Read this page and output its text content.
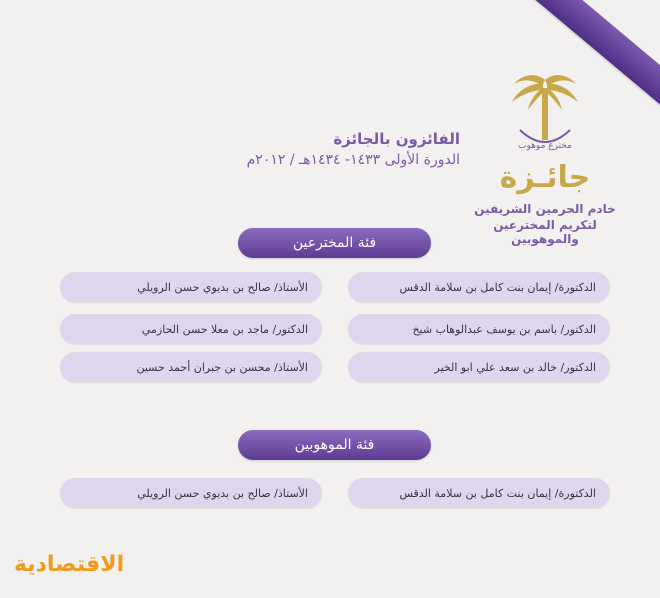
مخترع موهوب
جائـزة
خادم الحرمين الشريفين
لتكريم المخترعين والموهوبين
الفائزون بالجائزة
الدورة الأولى ١٤٣٣- ١٤٣٤هـ / ٢٠١٢م
فئة المخترعين
الدكتورة/ إيمان بنت كامل بن سلامة الدقس
الأستاذ/ صالح بن بديوي حسن الرويلي
الدكتور/ باسم بن يوسف عبدالوهاب شيخ
الدكتور/ ماجد بن معلا حسن الحازمي
الدكتور/ خالد بن سعد علي ابو الخير
الأستاذ/ محسن بن جبران أحمد حسين
فئة الموهوبين
الدكتورة/ إيمان بنت كامل بن سلامة الدقس
الأستاذ/ صالح بن بديوي حسن الرويلي
الاقتصادية
